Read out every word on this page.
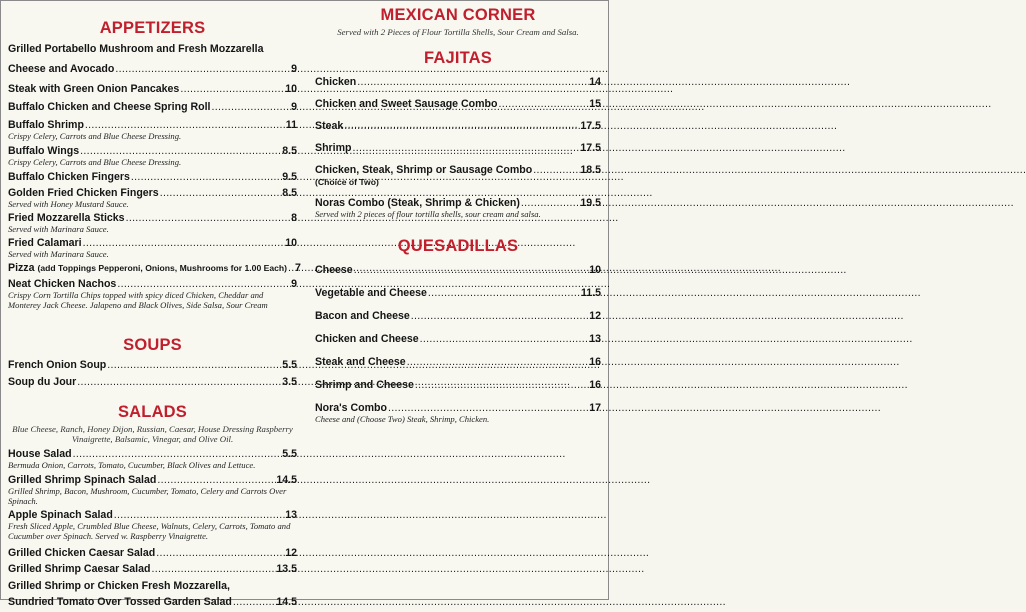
APPETIZERS
Grilled Portabello Mushroom and Fresh Mozzarella
Cheese and Avocado .....	9
Steak with Green Onion Pancakes .....	10
Buffalo Chicken and Cheese Spring Roll .....	9
Buffalo Shrimp .....	11
Crispy Celery, Carrots and Blue Cheese Dressing.
Buffalo Wings .....	8.5
Crispy Celery, Carrots and Blue Cheese Dressing.
Buffalo Chicken Fingers .....	9.5
Golden Fried Chicken Fingers .....	8.5
Served with Honey Mustard Sauce.
Fried Mozzarella Sticks .....	8
Served with Marinara Sauce.
Fried Calamari .....	10
Served with Marinara Sauce.
Pizza
(add Toppings Pepperoni, Onions, Mushrooms for 1.00 Each) ..... 7
Neat Chicken Nachos .....	9
Crispy Corn Tortilla Chips topped with spicy diced Chicken, Cheddar and Monterey Jack Cheese. Jalapeno and Black Olives, Side Salsa, Sour Cream
SOUPS
French Onion Soup .....	5.5
Soup du Jour .....	3.5
SALADS
Blue Cheese, Ranch, Honey Dijon, Russian, Caesar, House Dressing Raspberry Vinaigrette, Balsamic, Vinegar, and Olive Oil.
House Salad .....	5.5
Bermuda Onion, Carrots, Tomato, Cucumber, Black Olives and Lettuce.
Grilled Shrimp Spinach Salad .....	14.5
Grilled Shrimp, Bacon, Mushroom, Cucumber, Tomato, Celery and Carrots Over Spinach.
Apple Spinach Salad .....	13
Fresh Sliced Apple, Crumbled Blue Cheese, Walnuts, Celery, Carrots, Tomato and Cucumber over Spinach. Served w. Raspberry Vinaigrette.
Grilled Chicken Caesar Salad .....	12
Grilled Shrimp Caesar Salad .....	13.5
Grilled Shrimp or Chicken Fresh Mozzarella,
Sundried Tomato Over Tossed Garden Salad .....	14.5
MEXICAN CORNER
Served with 2 Pieces of Flour Tortilla Shells, Sour Cream and Salsa.
FAJITAS
Chicken .....	14
Chicken and Sweet Sausage Combo .....	15
Steak .....	17.5
Shrimp .....	17.5
Chicken, Steak, Shrimp or Sausage Combo .....	18.5
(Choice of Two)
Noras Combo (Steak, Shrimp & Chicken) .....	19.5
Served with 2 pieces of flour tortilla shells, sour cream and salsa.
QUESADILLAS
Cheese .....	10
Vegetable and Cheese .....	11.5
Bacon and Cheese .....	12
Chicken and Cheese .....	13
Steak and Cheese .....	16
Shrimp and Cheese .....	16
Nora's Combo .....	17
Cheese and (Choose Two) Steak, Shrimp, Chicken.
